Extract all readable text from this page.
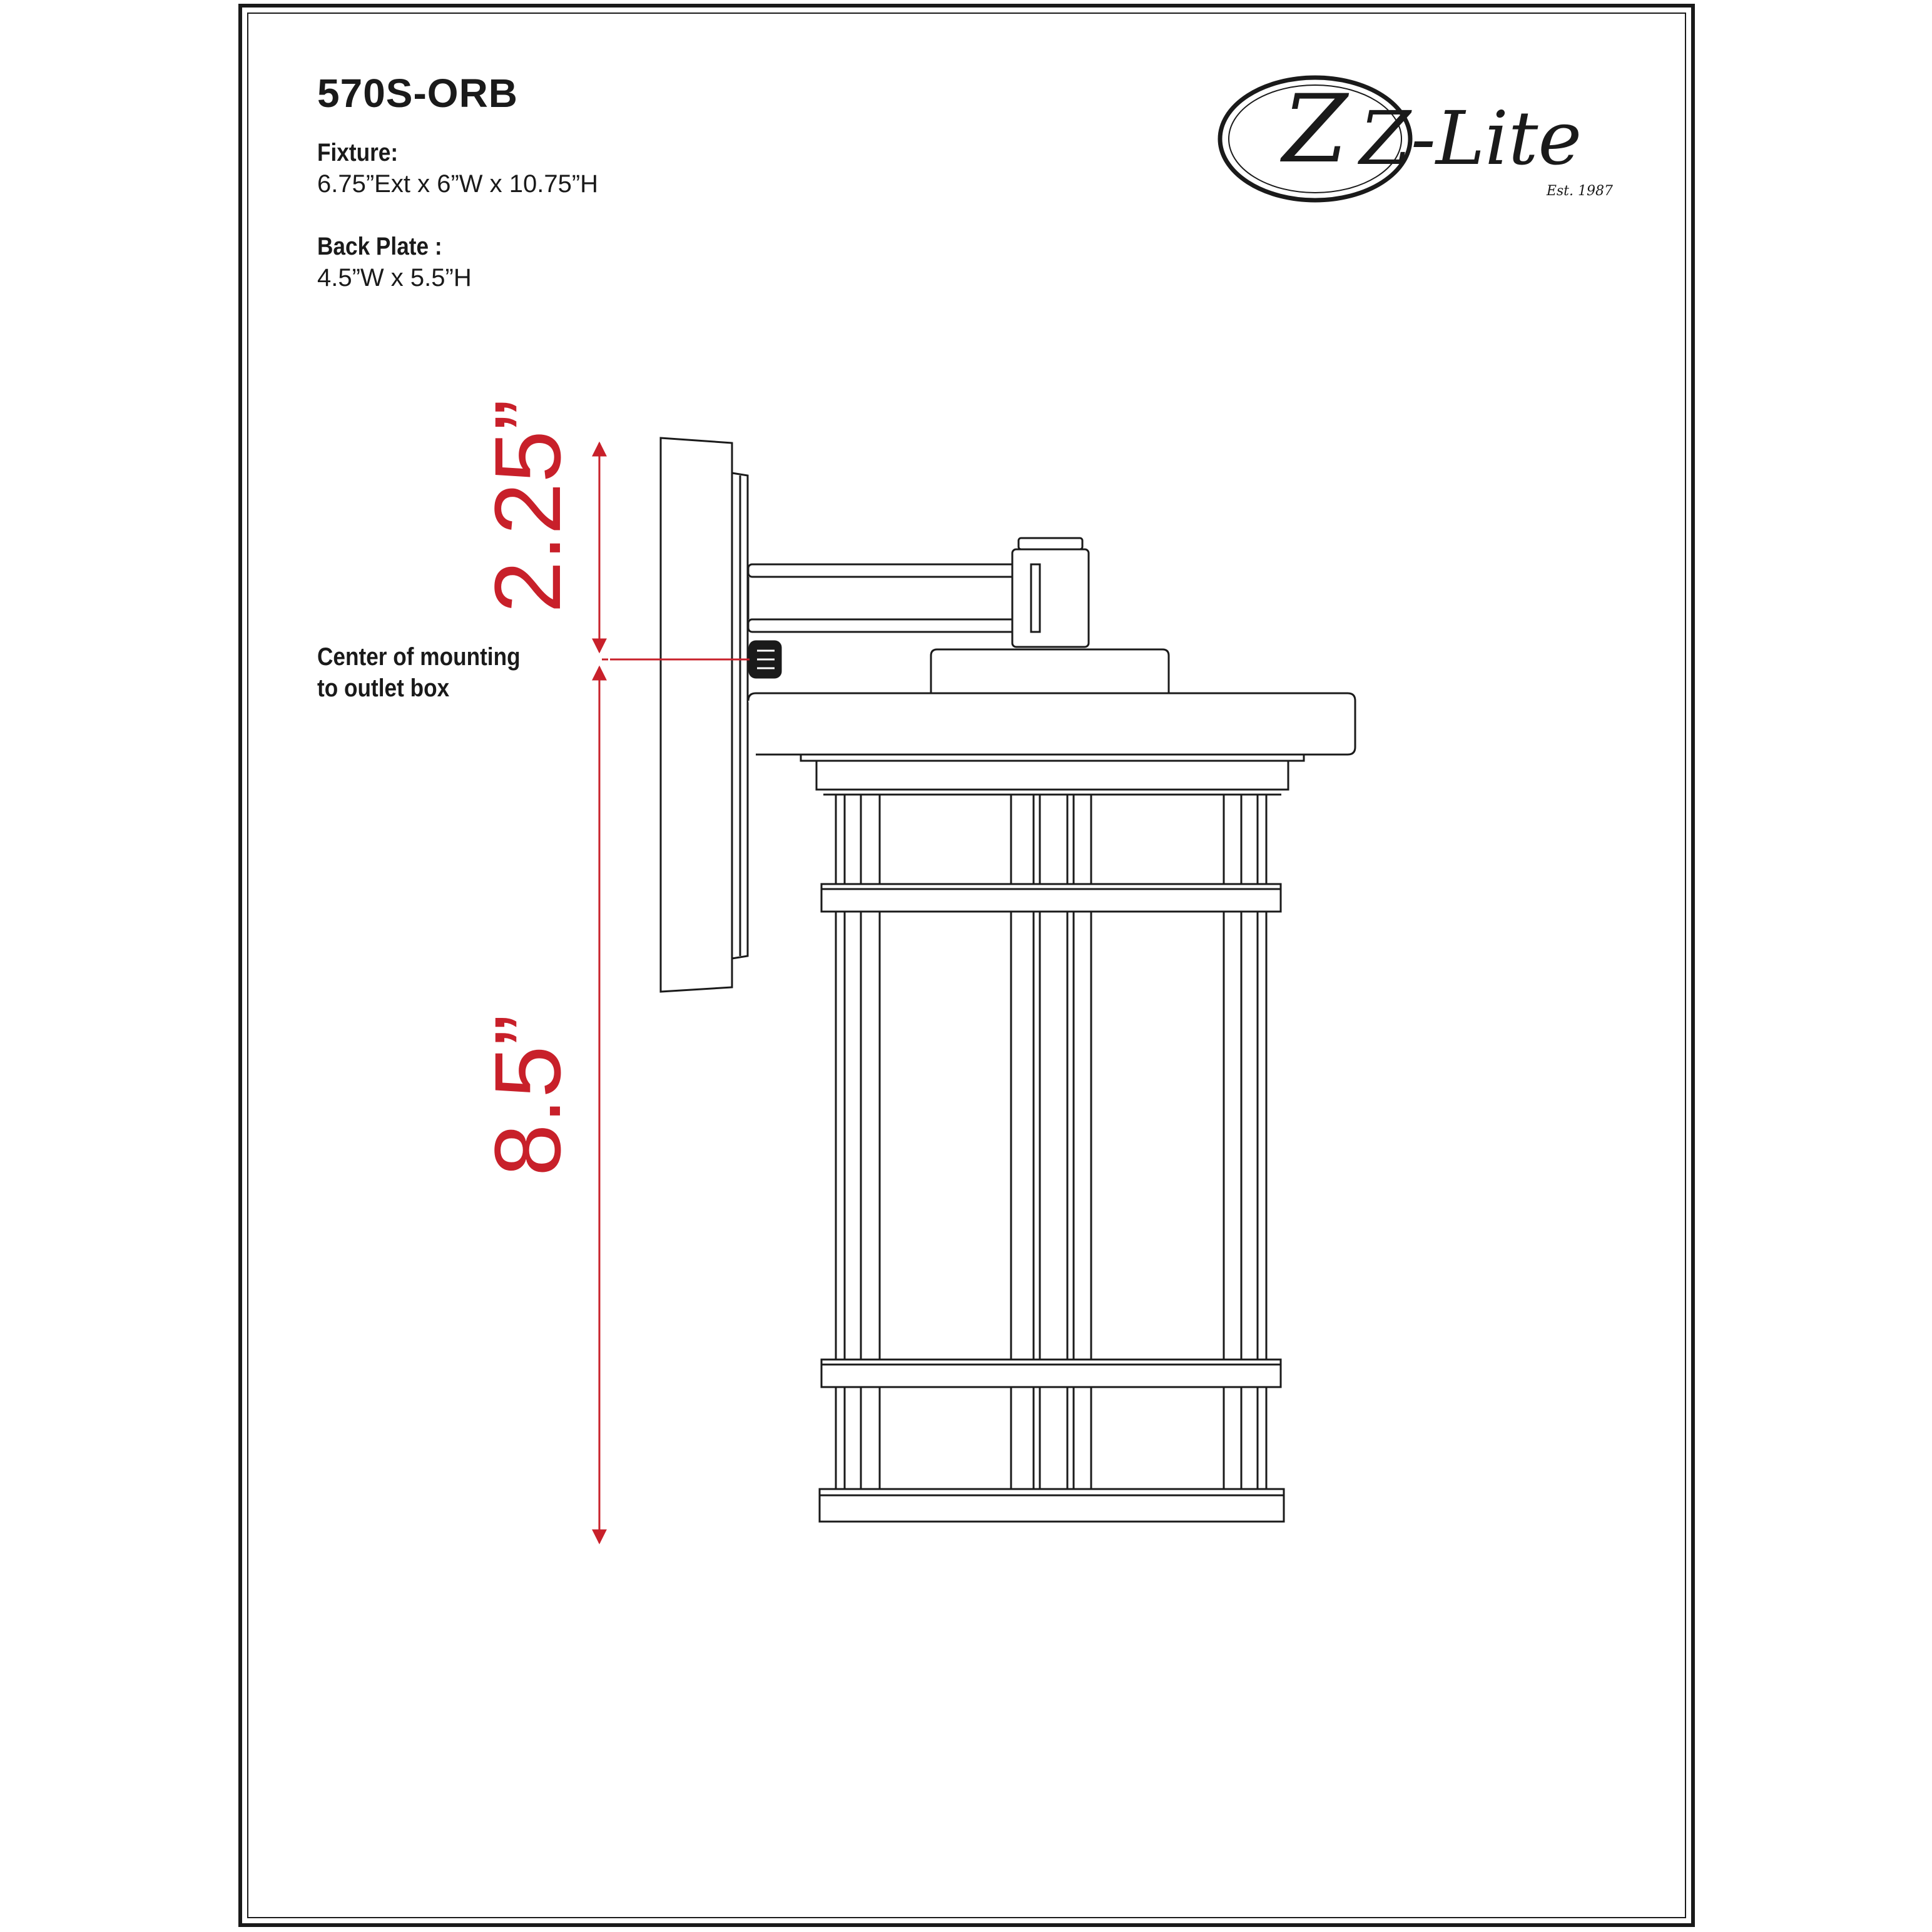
570S-ORB
Fixture:
6.75”Ext x 6”W x 10.75”H
Back Plate :
4.5”W x 5.5”H
Center of mounting
to outlet box
Z Z-Lite
Est. 1987
2.25”
8.5”
